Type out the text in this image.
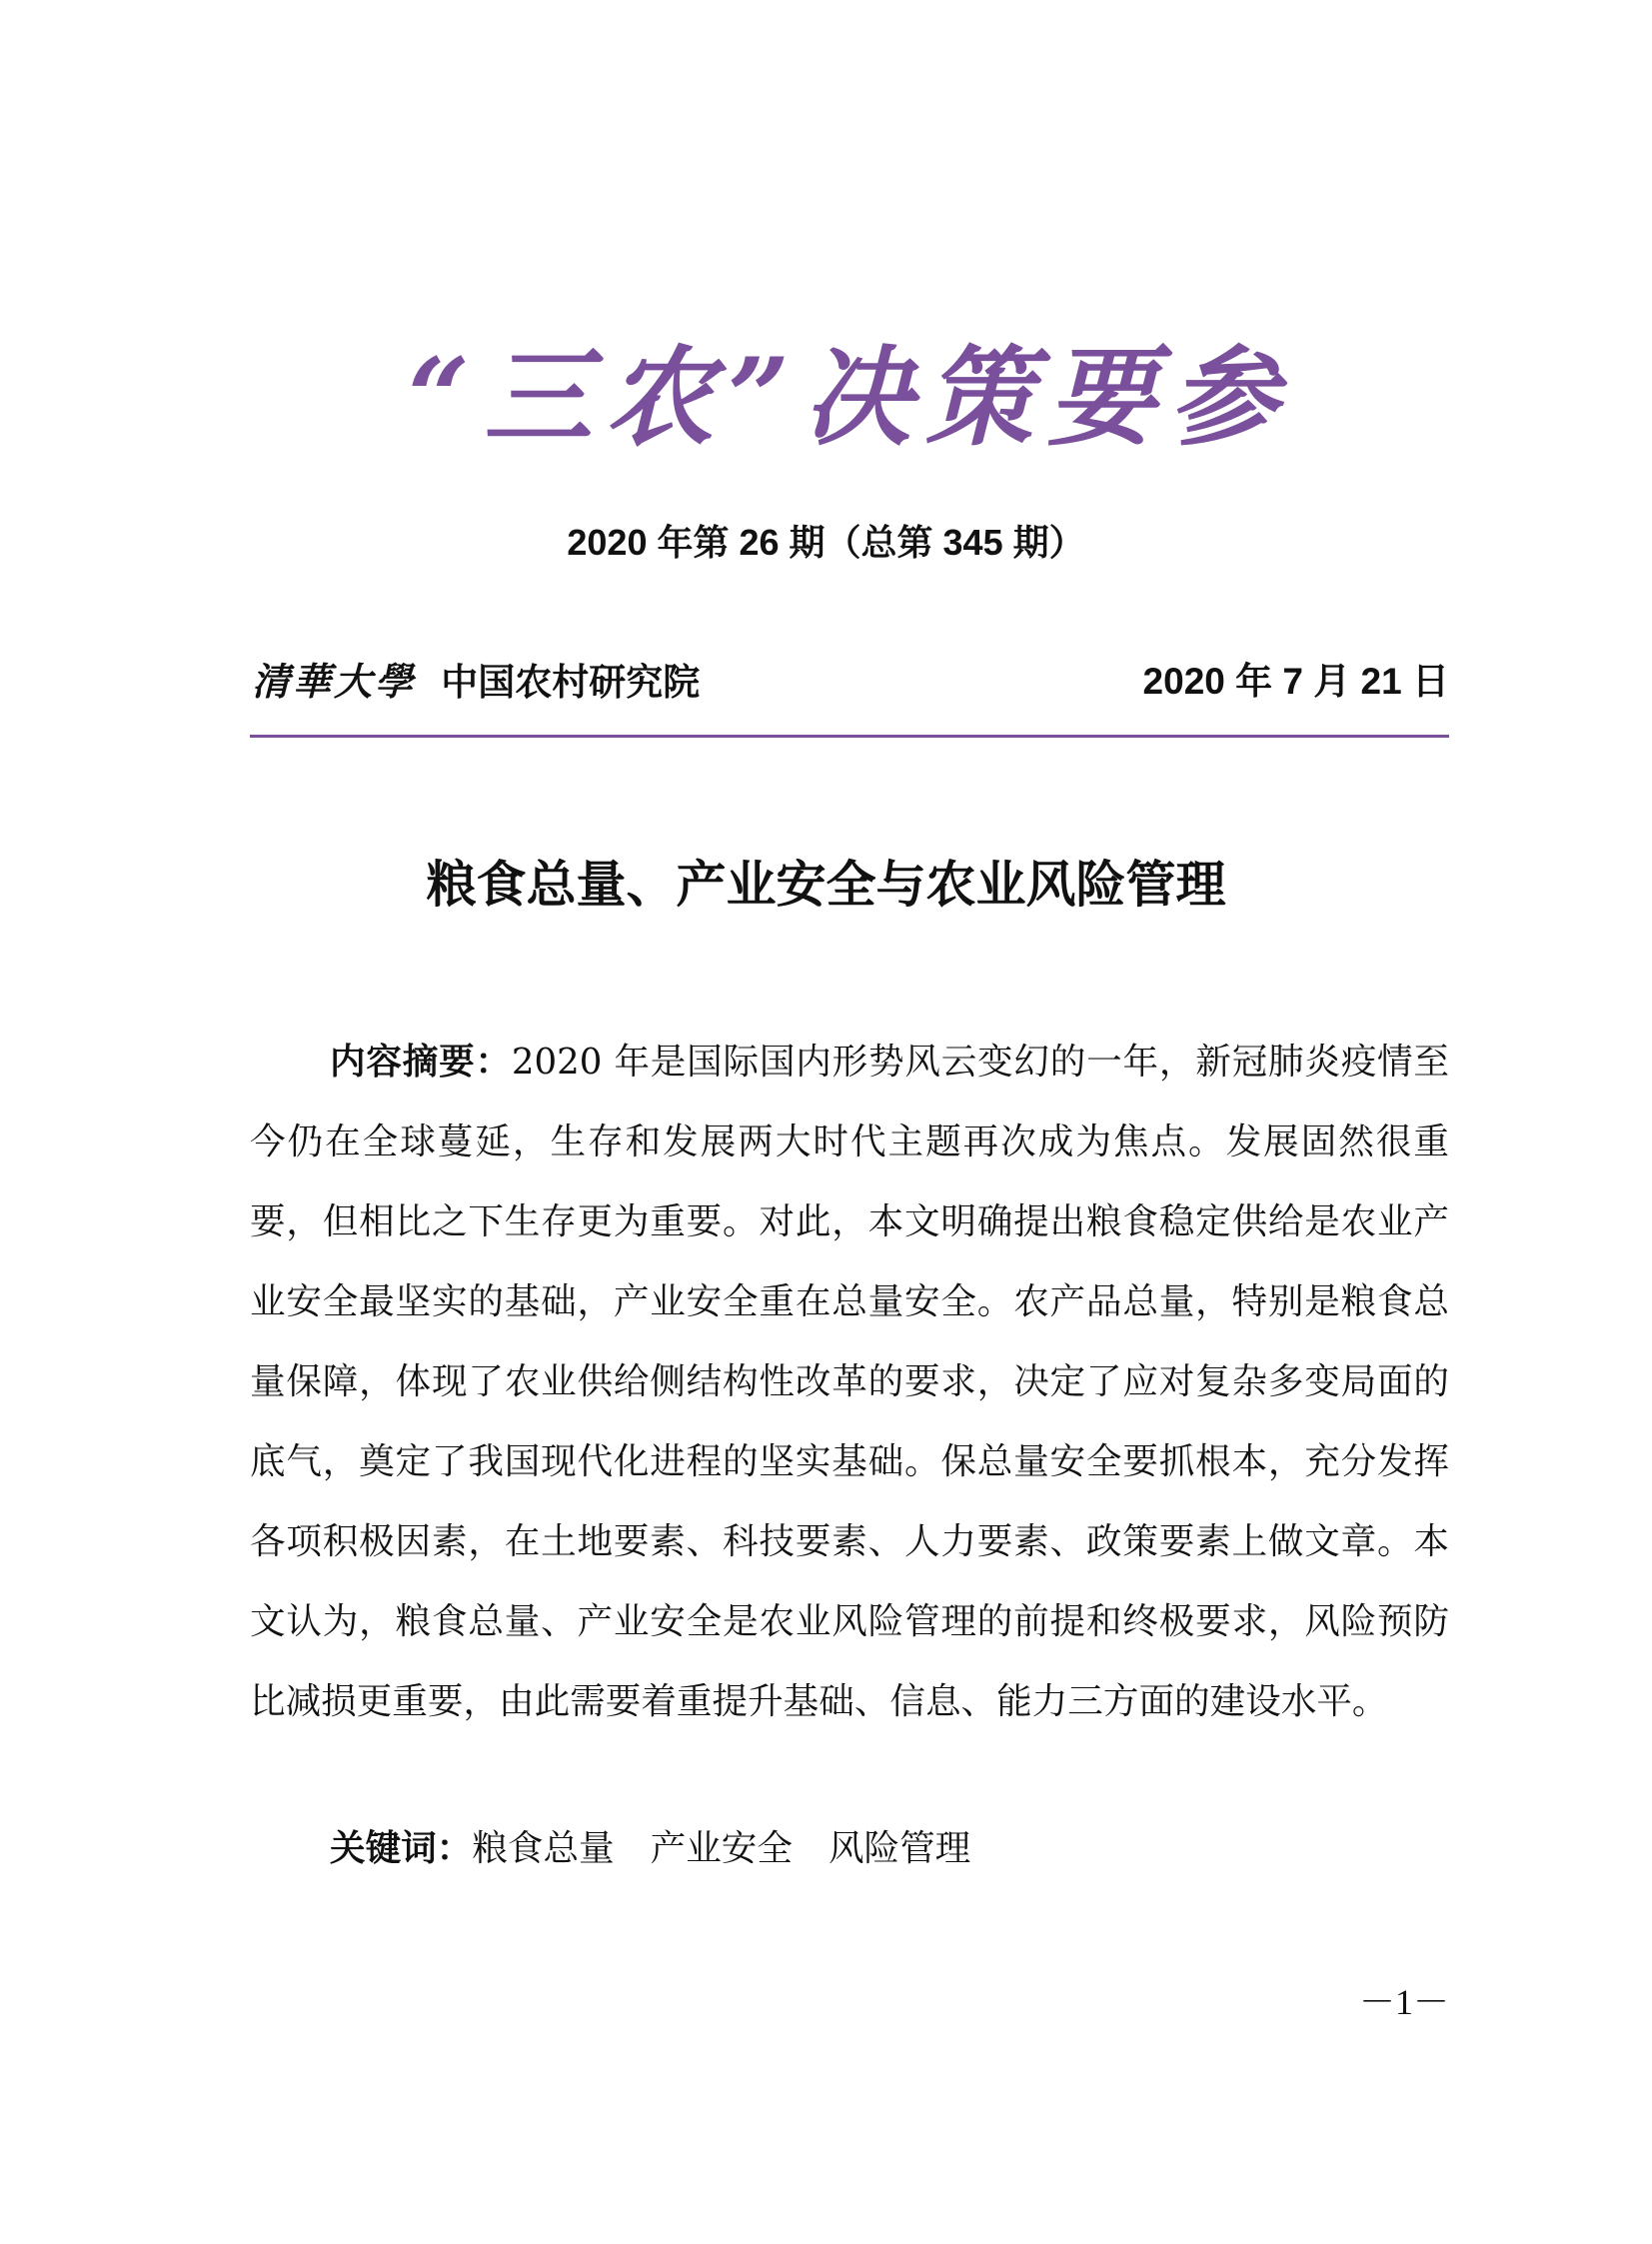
“三农”决策要参
2020 年第 26 期（总第 345 期）
清華大學 中国农村研究院	2020 年 7 月 21 日
粮食总量、产业安全与农业风险管理

内容摘要：2020 年是国际国内形势风云变幻的一年，新冠肺炎疫情至今仍在全球蔓延，生存和发展两大时代主题再次成为焦点。发展固然很重要，但相比之下生存更为重要。对此，本文明确提出粮食稳定供给是农业产业安全最坚实的基础，产业安全重在总量安全。农产品总量，特别是粮食总量保障，体现了农业供给侧结构性改革的要求，决定了应对复杂多变局面的底气，奠定了我国现代化进程的坚实基础。保总量安全要抓根本，充分发挥各项积极因素，在土地要素、科技要素、人力要素、政策要素上做文章。本文认为，粮食总量、产业安全是农业风险管理的前提和终极要求，风险预防比减损更重要，由此需要着重提升基础、信息、能力三方面的建设水平。

关键词：粮食总量 产业安全 风险管理
－1－
